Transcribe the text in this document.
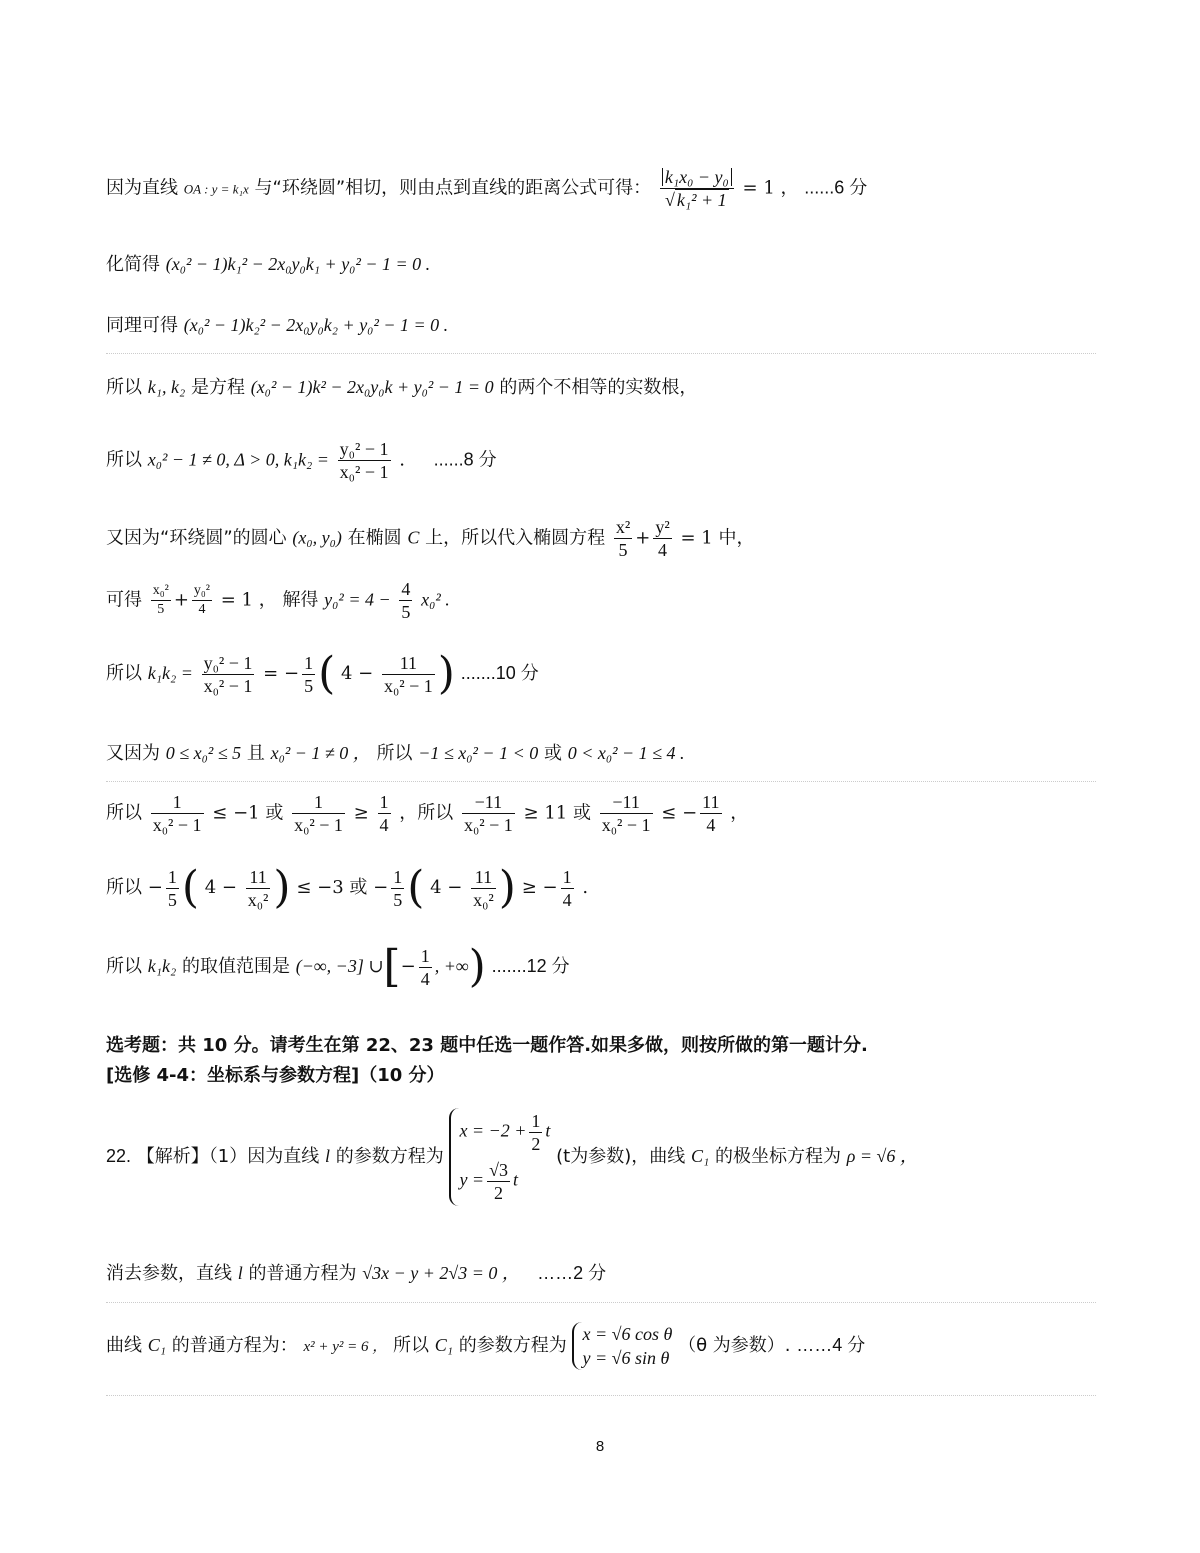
因为直线 OA : y = k₁x 与“环绕圆”相切，则由点到直线的距离公式可得： $\frac{\text{k₁x₀ − y₀}}{\text{√ k₁² + 1}} = 1$ ， ......6 分
化简得 (x₀² − 1)k₁² − 2x₀y₀k₁ + y₀² − 1 = 0 .
同理可得 (x₀² − 1)k₂² − 2x₀y₀k₂ + y₀² − 1 = 0 .
所以 k₁, k₂ 是方程 (x₀² − 1)k² − 2x₀y₀k + y₀² − 1 = 0 的两个不相等的实数根，
所以 x₀² − 1 ≠ 0, Δ > 0, $k_1k_2 = \frac{\text{y₀² − 1}}{\text{x₀² − 1}}$ . ......8 分
又因为“环绕圆”的圆心 (x₀, y₀) 在椭圆 C 上，所以代入椭圆方程 $\frac{\text{x²}}{5} + \frac{\text{y²}}{4} = 1$ 中，
可得 $\frac{\text{x₀²}}{5} + \frac{\text{y₀²}}{4} = 1$ ， 解得 $y_0^2 = 4 - \frac{4}{5} x_0^2$ .
所以 $k_1k_2 = \frac{\text{y₀² − 1}}{\text{x₀² − 1}}$ = − $\frac{1}{5}$ ( $4 - \frac{11}{\text{x₀² − 1}}$ ) .......10 分
又因为 0 ≤ x₀² ≤ 5 且 x₀² − 1 ≠ 0 ， 所以 −1 ≤ x₀² − 1 < 0 或 0 < x₀² − 1 ≤ 4 .
所以 $\frac{1}{\text{x₀² − 1}} \le -1$ 或 $\frac{1}{\text{x₀² − 1}} \ge \frac{1}{4}$ ，所以 $\frac{-11}{\text{x₀² − 1}} \ge 11$ 或 $\frac{-11}{\text{x₀² − 1}}$ ≤ − $\frac{11}{4}$ ，
所以 − $\frac{1}{5}$ ( $4 - \frac{11}{\text{x₀²}}$ ) ≤ −3 或 − $\frac{1}{5}$ ( $4 - \frac{11}{\text{x₀²}}$ ) ≥ − $\frac{1}{4}$ .
所以 k₁k₂ 的取值范围是 (−∞, −3] ∪[− $\frac{1}{4}$ , +∞) .......12 分
选考题：共 10 分。请考生在第 22、23 题中任选一题作答.如果多做，则按所做的第一题计分.
[选修 4-4：坐标系与参数方程]（10 分）
22. 【解析】（1）因为直线 l 的参数方程为
$x = -2 + \frac{1}{2}$ t
$y = \frac{√3}{2}$ t
(t为参数)，曲线 C₁ 的极坐标方程为 ρ = √6 ，
消去参数，直线 l 的普通方程为 √3x − y + 2√3 = 0 ， ……2 分
曲线 C₁ 的普通方程为： x² + y² = 6 ， 所以 C₁ 的参数方程为
x = √6 cos θ
y = √6 sin θ
（θ 为参数）. ……4 分
8
